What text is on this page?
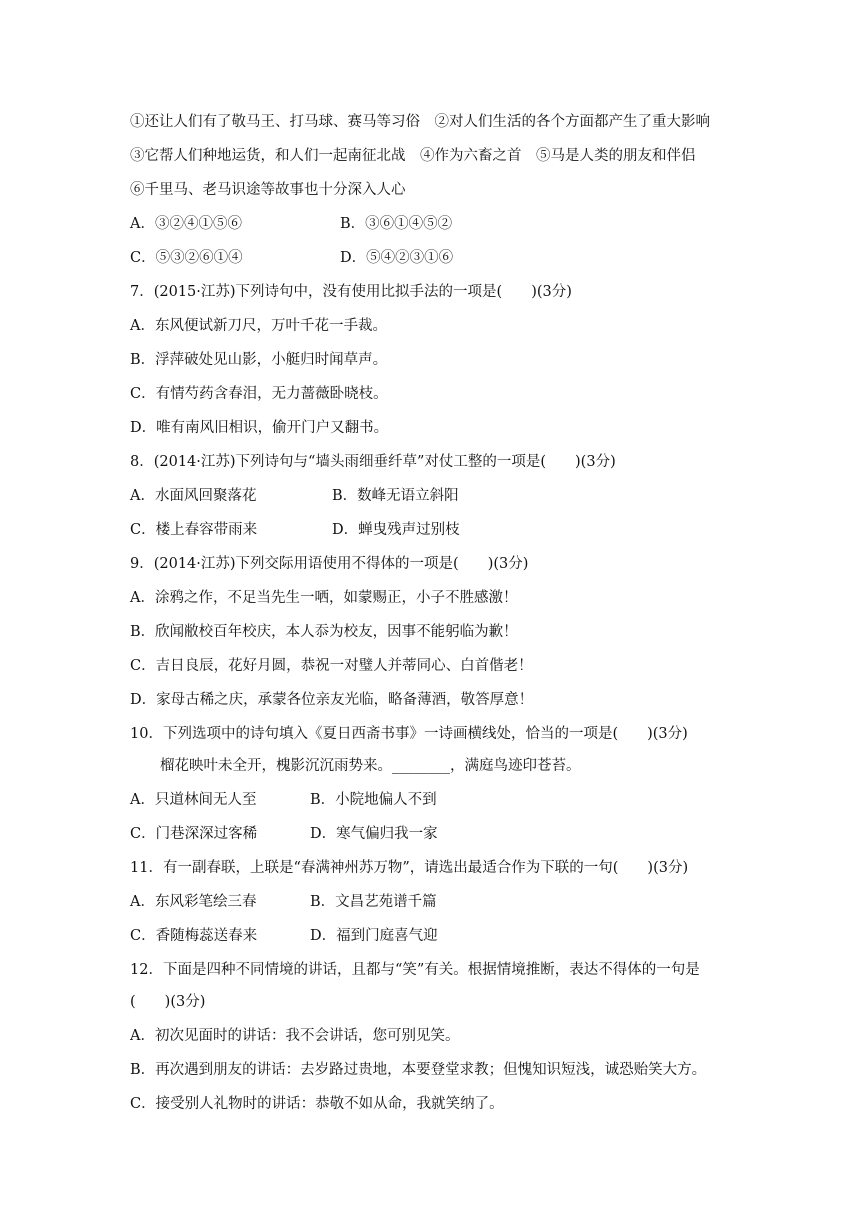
①还让人们有了敬马王、打马球、赛马等习俗　②对人们生活的各个方面都产生了重大影响
③它帮人们种地运货，和人们一起南征北战　④作为六畜之首　⑤马是人类的朋友和伴侣
⑥千里马、老马识途等故事也十分深入人心
A．③②④①⑤⑥	B．③⑥①④⑤②
C．⑤③②⑥①④	D．⑤④②③①⑥
7．(2015·江苏)下列诗句中，没有使用比拟手法的一项是(　　)(3分)
A．东风便试新刀尺，万叶千花一手裁。
B．浮萍破处见山影，小艇归时闻草声。
C．有情芍药含春泪，无力蔷薇卧晓枝。
D．唯有南风旧相识，偷开门户又翻书。
8．(2014·江苏)下列诗句与“墙头雨细垂纤草”对仗工整的一项是(　　)(3分)
A．水面风回聚落花	B．数峰无语立斜阳
C．楼上春容带雨来	D．蝉曳残声过别枝
9．(2014·江苏)下列交际用语使用不得体的一项是(　　)(3分)
A．涂鸦之作，不足当先生一哂，如蒙赐正，小子不胜感激！
B．欣闻敝校百年校庆，本人忝为校友，因事不能躬临为歉！
C．吉日良辰，花好月圆，恭祝一对璧人并蒂同心、白首偕老！
D．家母古稀之庆，承蒙各位亲友光临，略备薄酒，敬答厚意！
10．下列选项中的诗句填入《夏日西斋书事》一诗画横线处，恰当的一项是(　　)(3分)
榴花映叶未全开，槐影沉沉雨势来。________，满庭鸟迹印苍苔。
A．只道林间无人至	B．小院地偏人不到
C．门巷深深过客稀	D．寒气偏归我一家
11．有一副春联，上联是“春满神州苏万物”，请选出最适合作为下联的一句(　　)(3分)
A．东风彩笔绘三春	B．文昌艺苑谱千篇
C．香随梅蕊送春来	D．福到门庭喜气迎
12．下面是四种不同情境的讲话，且都与“笑”有关。根据情境推断，表达不得体的一句是
(　　)(3分)
A．初次见面时的讲话：我不会讲话，您可别见笑。
B．再次遇到朋友的讲话：去岁路过贵地，本要登堂求教；但愧知识短浅，诚恐贻笑大方。
C．接受别人礼物时的讲话：恭敬不如从命，我就笑纳了。
